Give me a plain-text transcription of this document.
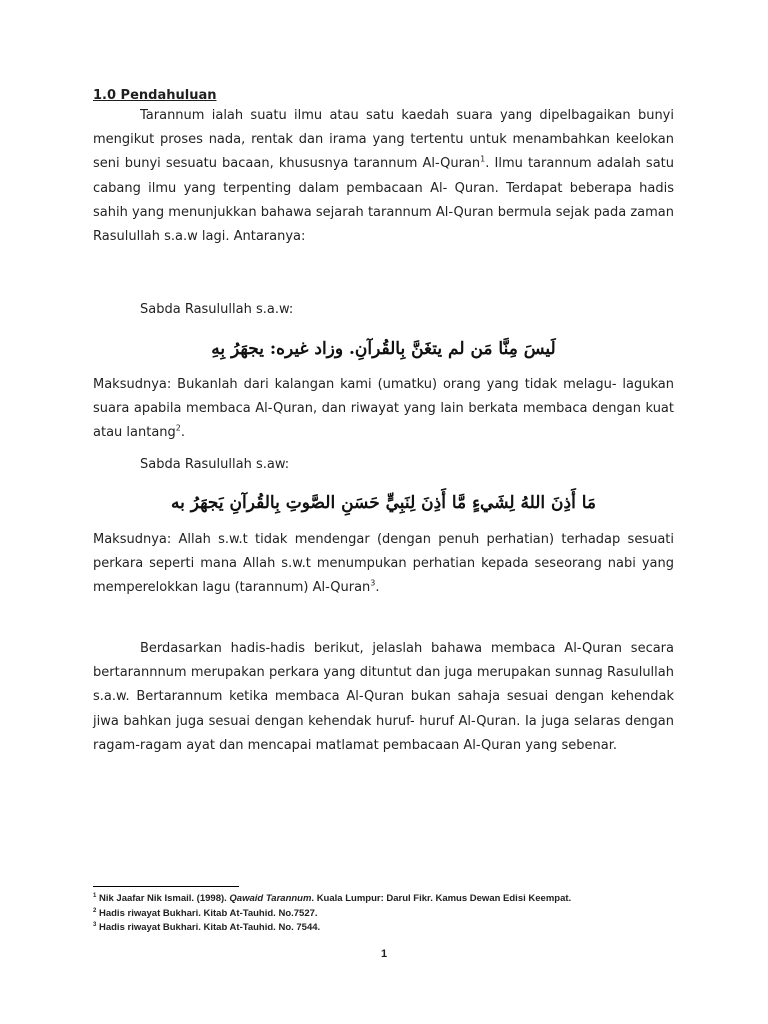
1.0 Pendahuluan

Tarannum ialah suatu ilmu atau satu kaedah suara yang dipelbagaikan bunyi mengikut proses nada, rentak dan irama yang tertentu untuk menambahkan keelokan seni bunyi sesuatu bacaan, khususnya tarannum Al-Quran$^1$. Ilmu tarannum adalah satu cabang ilmu yang terpenting dalam pembacaan Al- Quran. Terdapat beberapa hadis sahih yang menunjukkan bahawa sejarah tarannum Al-Quran bermula sejak pada zaman Rasulullah s.a.w lagi. Antaranya:

Sabda Rasulullah s.a.w:
لَيسَ مِنَّا مَن لم يتغَنَّ بِالقُرآنِ. وزاد غيره: يجهَرُ بِهِ

Maksudnya: Bukanlah dari kalangan kami (umatku) orang yang tidak melagu- lagukan suara apabila membaca Al-Quran, dan riwayat yang lain berkata membaca dengan kuat atau lantang$^2$.

Sabda Rasulullah s.aw:
مَا أَذِنَ اللهُ لِشَيءٍ مَّا أَذِنَ لِنَبِيٍّ حَسَنِ الصَّوتِ بِالقُرآنِ يَجهَرُ به

Maksudnya: Allah s.w.t tidak mendengar (dengan penuh perhatian) terhadap sesuati perkara seperti mana Allah s.w.t menumpukan perhatian kepada seseorang nabi yang memperelokkan lagu (tarannum) Al-Quran$^3$.

Berdasarkan hadis-hadis berikut, jelaslah bahawa membaca Al-Quran secara bertarannnum merupakan perkara yang dituntut dan juga merupakan sunnag Rasulullah s.a.w. Bertarannum ketika membaca Al-Quran bukan sahaja sesuai dengan kehendak jiwa bahkan juga sesuai dengan kehendak huruf- huruf Al-Quran. Ia juga selaras dengan ragam-ragam ayat dan mencapai matlamat pembacaan Al-Quran yang sebenar.

$^1$ Nik Jaafar Nik Ismail. (1998). Qawaid Tarannum. Kuala Lumpur: Darul Fikr. Kamus Dewan Edisi Keempat.
$^2$ Hadis riwayat Bukhari. Kitab At-Tauhid. No.7527.
$^3$ Hadis riwayat Bukhari. Kitab At-Tauhid. No. 7544.
1
